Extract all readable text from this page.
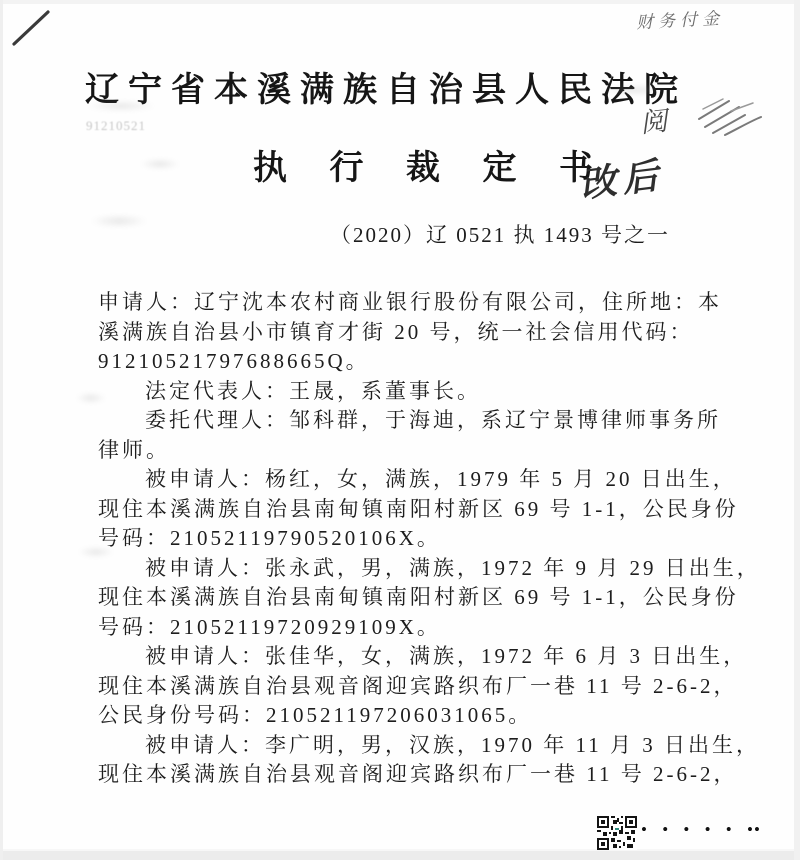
财务付金
辽宁省本溪满族自治县人民法院
91210521	阅
执 行 裁 定 书
改后
（2020）辽 0521 执 1493 号之一
申请人：辽宁沈本农村商业银行股份有限公司，住所地：本
溪满族自治县小市镇育才街 20 号，统一社会信用代码：
91210521797688665Q。
法定代表人：王晟，系董事长。
委托代理人：邹科群，于海迪，系辽宁景博律师事务所
律师。
被申请人：杨红，女，满族，1979 年 5 月 20 日出生，
现住本溪满族自治县南甸镇南阳村新区 69 号 1-1，公民身份
号码：21052119790520106X。
被申请人：张永武，男，满族，1972 年 9 月 29 日出生，
现住本溪满族自治县南甸镇南阳村新区 69 号 1-1，公民身份
号码：21052119720929109X。
被申请人：张佳华，女，满族，1972 年 6 月 3 日出生，
现住本溪满族自治县观音阁迎宾路织布厂一巷 11 号 2-6-2，
公民身份号码：210521197206031065。
被申请人：李广明，男，汉族，1970 年 11 月 3 日出生，
现住本溪满族自治县观音阁迎宾路织布厂一巷 11 号 2-6-2，
• • • • • ••
